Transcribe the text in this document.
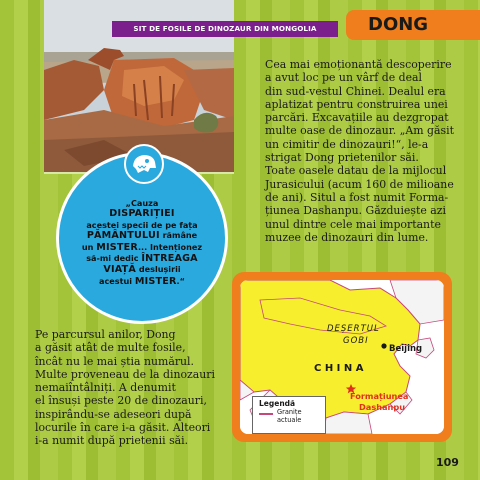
SIT DE FOSILE DE DINOZAUR DIN MONGOLIA	DONG

Cea mai emoționantă descoperire

a avut loc pe un vârf de deal

din sud-vestul Chinei. Dealul era

aplatizat pentru construirea unei

parcări. Excavațiile au dezgropat

multe oase de dinozaur. „Am găsit

un cimitir de dinozauri!“, le-a

strigat Dong prietenilor săi.

Toate oasele datau de la mijlocul

Jurasicului (acum 160 de milioane

de ani). Situl a fost numit Forma-

țiunea Dashanpu. Găzduiește azi

unul dintre cele mai importante

muzee de dinozauri din lume.

„Cauza
DISPARIȚIEI
acestei specii de pe fața
PĂMÂNTULUI rămâne
un MISTER... Intenționez
să-mi dedic ÎNTREAGA
VIAȚĂ deslușirii
acestui MISTER.“

Pe parcursul anilor, Dong

a găsit atât de multe fosile,

încât nu le mai știa numărul.

Multe proveneau de la dinozauri

nemaiîntâlniți. A denumit

el însuși peste 20 de dinozauri,

inspirându-se adeseori după

locurile în care i-a găsit. Alteori

i-a numit după prietenii săi.

DEȘERTUL
GOBI
Beijing
C H I N A
Formațiunea
Dashanpu
Legendă
Granițe actuale
109
